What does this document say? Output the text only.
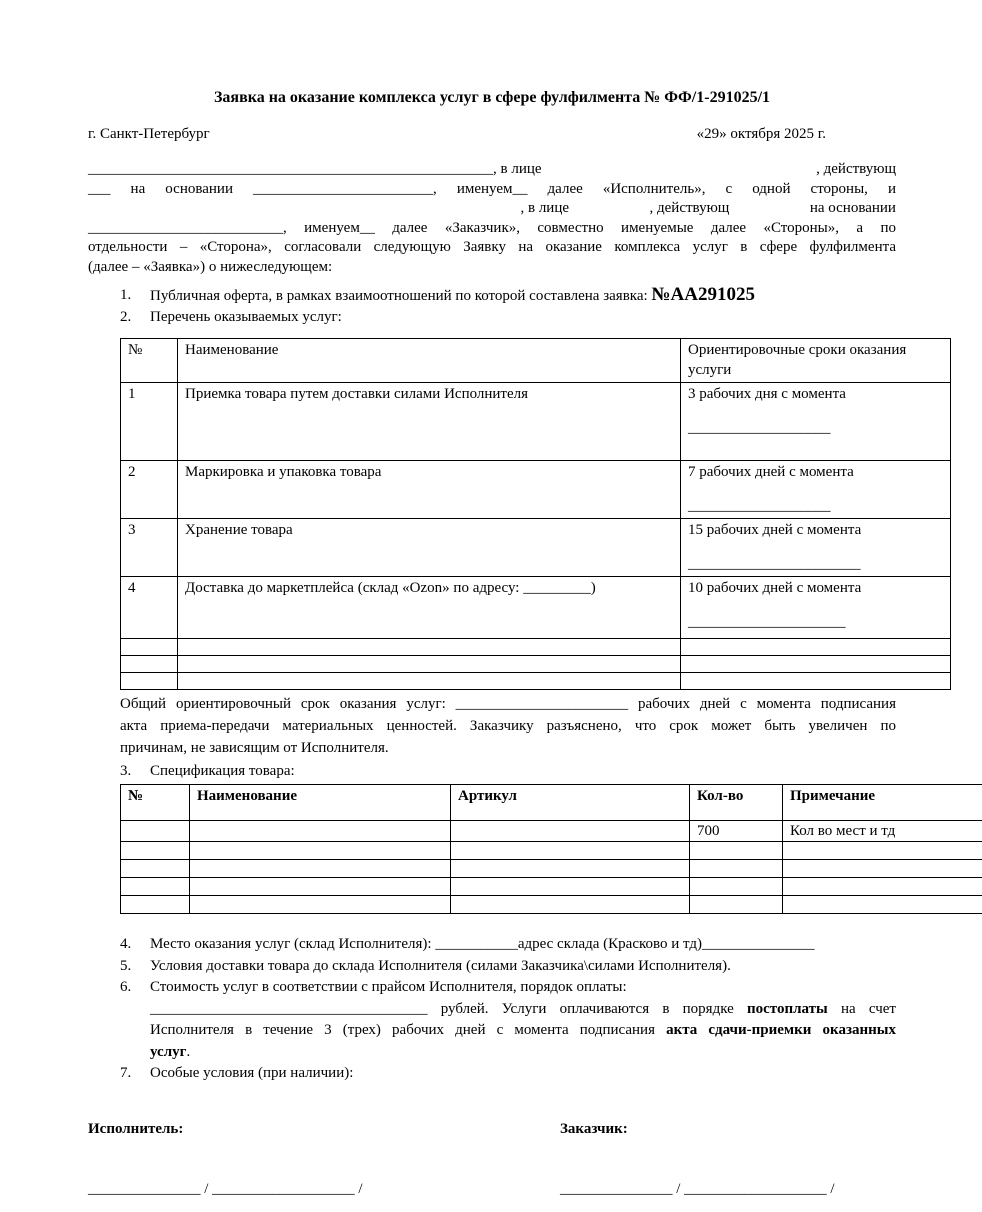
Заявка на оказание комплекса услуг в сфере фулфилмента № ФФ/1-291025/1
г. Санкт-Петербург	«29» октября 2025 г.
______________________________________________________, в лице	, действующ
___ на основании ________________________, именуем__ далее «Исполнитель», с одной стороны, и
, в лице	, действующ	на основании
__________________________, именуем__ далее «Заказчик», совместно именуемые далее «Стороны», а по
отдельности – «Сторона», согласовали следующую Заявку на оказание комплекса услуг в сфере фулфилмента
(далее – «Заявка») о нижеследующем:
1.	Публичная оферта, в рамках взаимоотношений по которой составлена заявка: №АА291025
2.	Перечень оказываемых услуг:
№	Наименование	Ориентировочные сроки оказания услуги
1	Приемка товара путем доставки силами Исполнителя	3 рабочих дня с момента
___________________

2	Маркировка и упаковка товара	7 рабочих дней с момента
___________________

3	Хранение товара	15 рабочих дней с момента
_______________________

4	Доставка до маркетплейса (склад «Ozon» по адресу: _________)	10 рабочих дней с момента
_____________________

Общий ориентировочный срок оказания услуг: _______________________ рабочих дней с момента подписания
акта приема-передачи материальных ценностей. Заказчику разъяснено, что срок может быть увеличен по
причинам, не зависящим от Исполнителя.
3.	Спецификация товара:
№	Наименование	Артикул	Кол-во	Примечание
			700	Кол во мест и тд

4.	Место оказания услуг (склад Исполнителя): ___________адрес склада (Красково и тд)_______________
5.	Условия доставки товара до склада Исполнителя (силами Заказчика\силами Исполнителя).
6.	Стоимость услуг в соответствии с прайсом Исполнителя, порядок оплаты:
_____________________________________ рублей. Услуги оплачиваются в порядке постоплаты на счет
Исполнителя в течение 3 (трех) рабочих дней с момента подписания акта сдачи-приемки оказанных
услуг.
7.	Особые условия (при наличии):
Исполнитель:	Заказчик:
_______________ / ___________________ /	_______________ / ___________________ /
